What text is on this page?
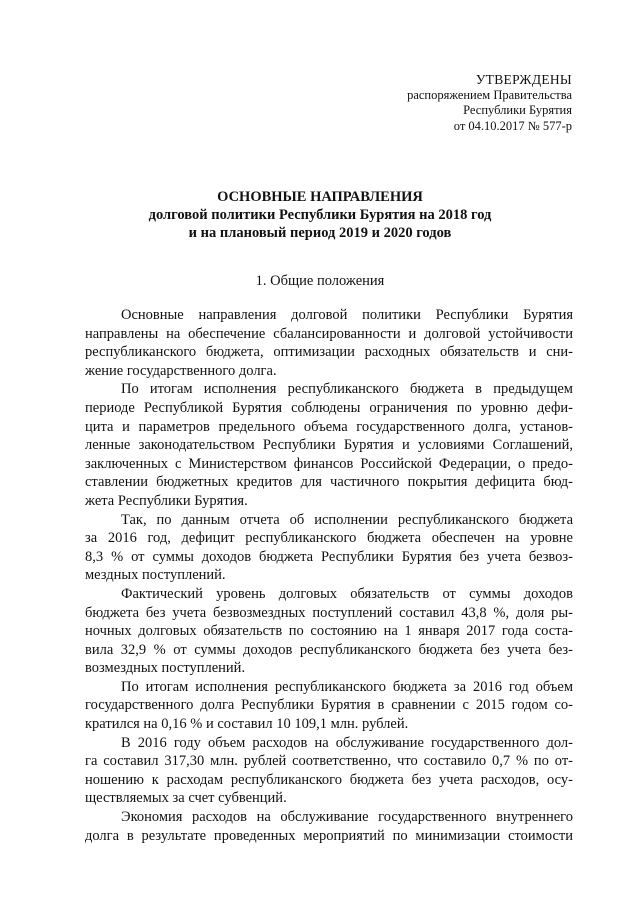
УТВЕРЖДЕНЫ
распоряжением Правительства
Республики Бурятия
от 04.10.2017 № 577-р
ОСНОВНЫЕ НАПРАВЛЕНИЯ
долговой политики Республики Бурятия на 2018 год
и на плановый период 2019 и 2020 годов
1. Общие положения
Основные направления долговой политики Республики Бурятия
направлены на обеспечение сбалансированности и долговой устойчивости
республиканского бюджета, оптимизации расходных обязательств и сни-
жение государственного долга.
По итогам исполнения республиканского бюджета в предыдущем
периоде Республикой Бурятия соблюдены ограничения по уровню дефи-
цита и параметров предельного объема государственного долга, установ-
ленные законодательством Республики Бурятия и условиями Соглашений,
заключенных с Министерством финансов Российской Федерации, о предо-
ставлении бюджетных кредитов для частичного покрытия дефицита бюд-
жета Республики Бурятия.
Так, по данным отчета об исполнении республиканского бюджета
за 2016 год, дефицит республиканского бюджета обеспечен на уровне
8,3 % от суммы доходов бюджета Республики Бурятия без учета безвоз-
мездных поступлений.
Фактический уровень долговых обязательств от суммы доходов
бюджета без учета безвозмездных поступлений составил 43,8 %, доля ры-
ночных долговых обязательств по состоянию на 1 января 2017 года соста-
вила 32,9 % от суммы доходов республиканского бюджета без учета без-
возмездных поступлений.
По итогам исполнения республиканского бюджета за 2016 год объем
государственного долга Республики Бурятия в сравнении с 2015 годом со-
кратился на 0,16 % и составил 10 109,1 млн. рублей.
В 2016 году объем расходов на обслуживание государственного дол-
га составил 317,30 млн. рублей соответственно, что составило 0,7 % по от-
ношению к расходам республиканского бюджета без учета расходов, осу-
ществляемых за счет субвенций.
Экономия расходов на обслуживание государственного внутреннего
долга в результате проведенных мероприятий по минимизации стоимости
